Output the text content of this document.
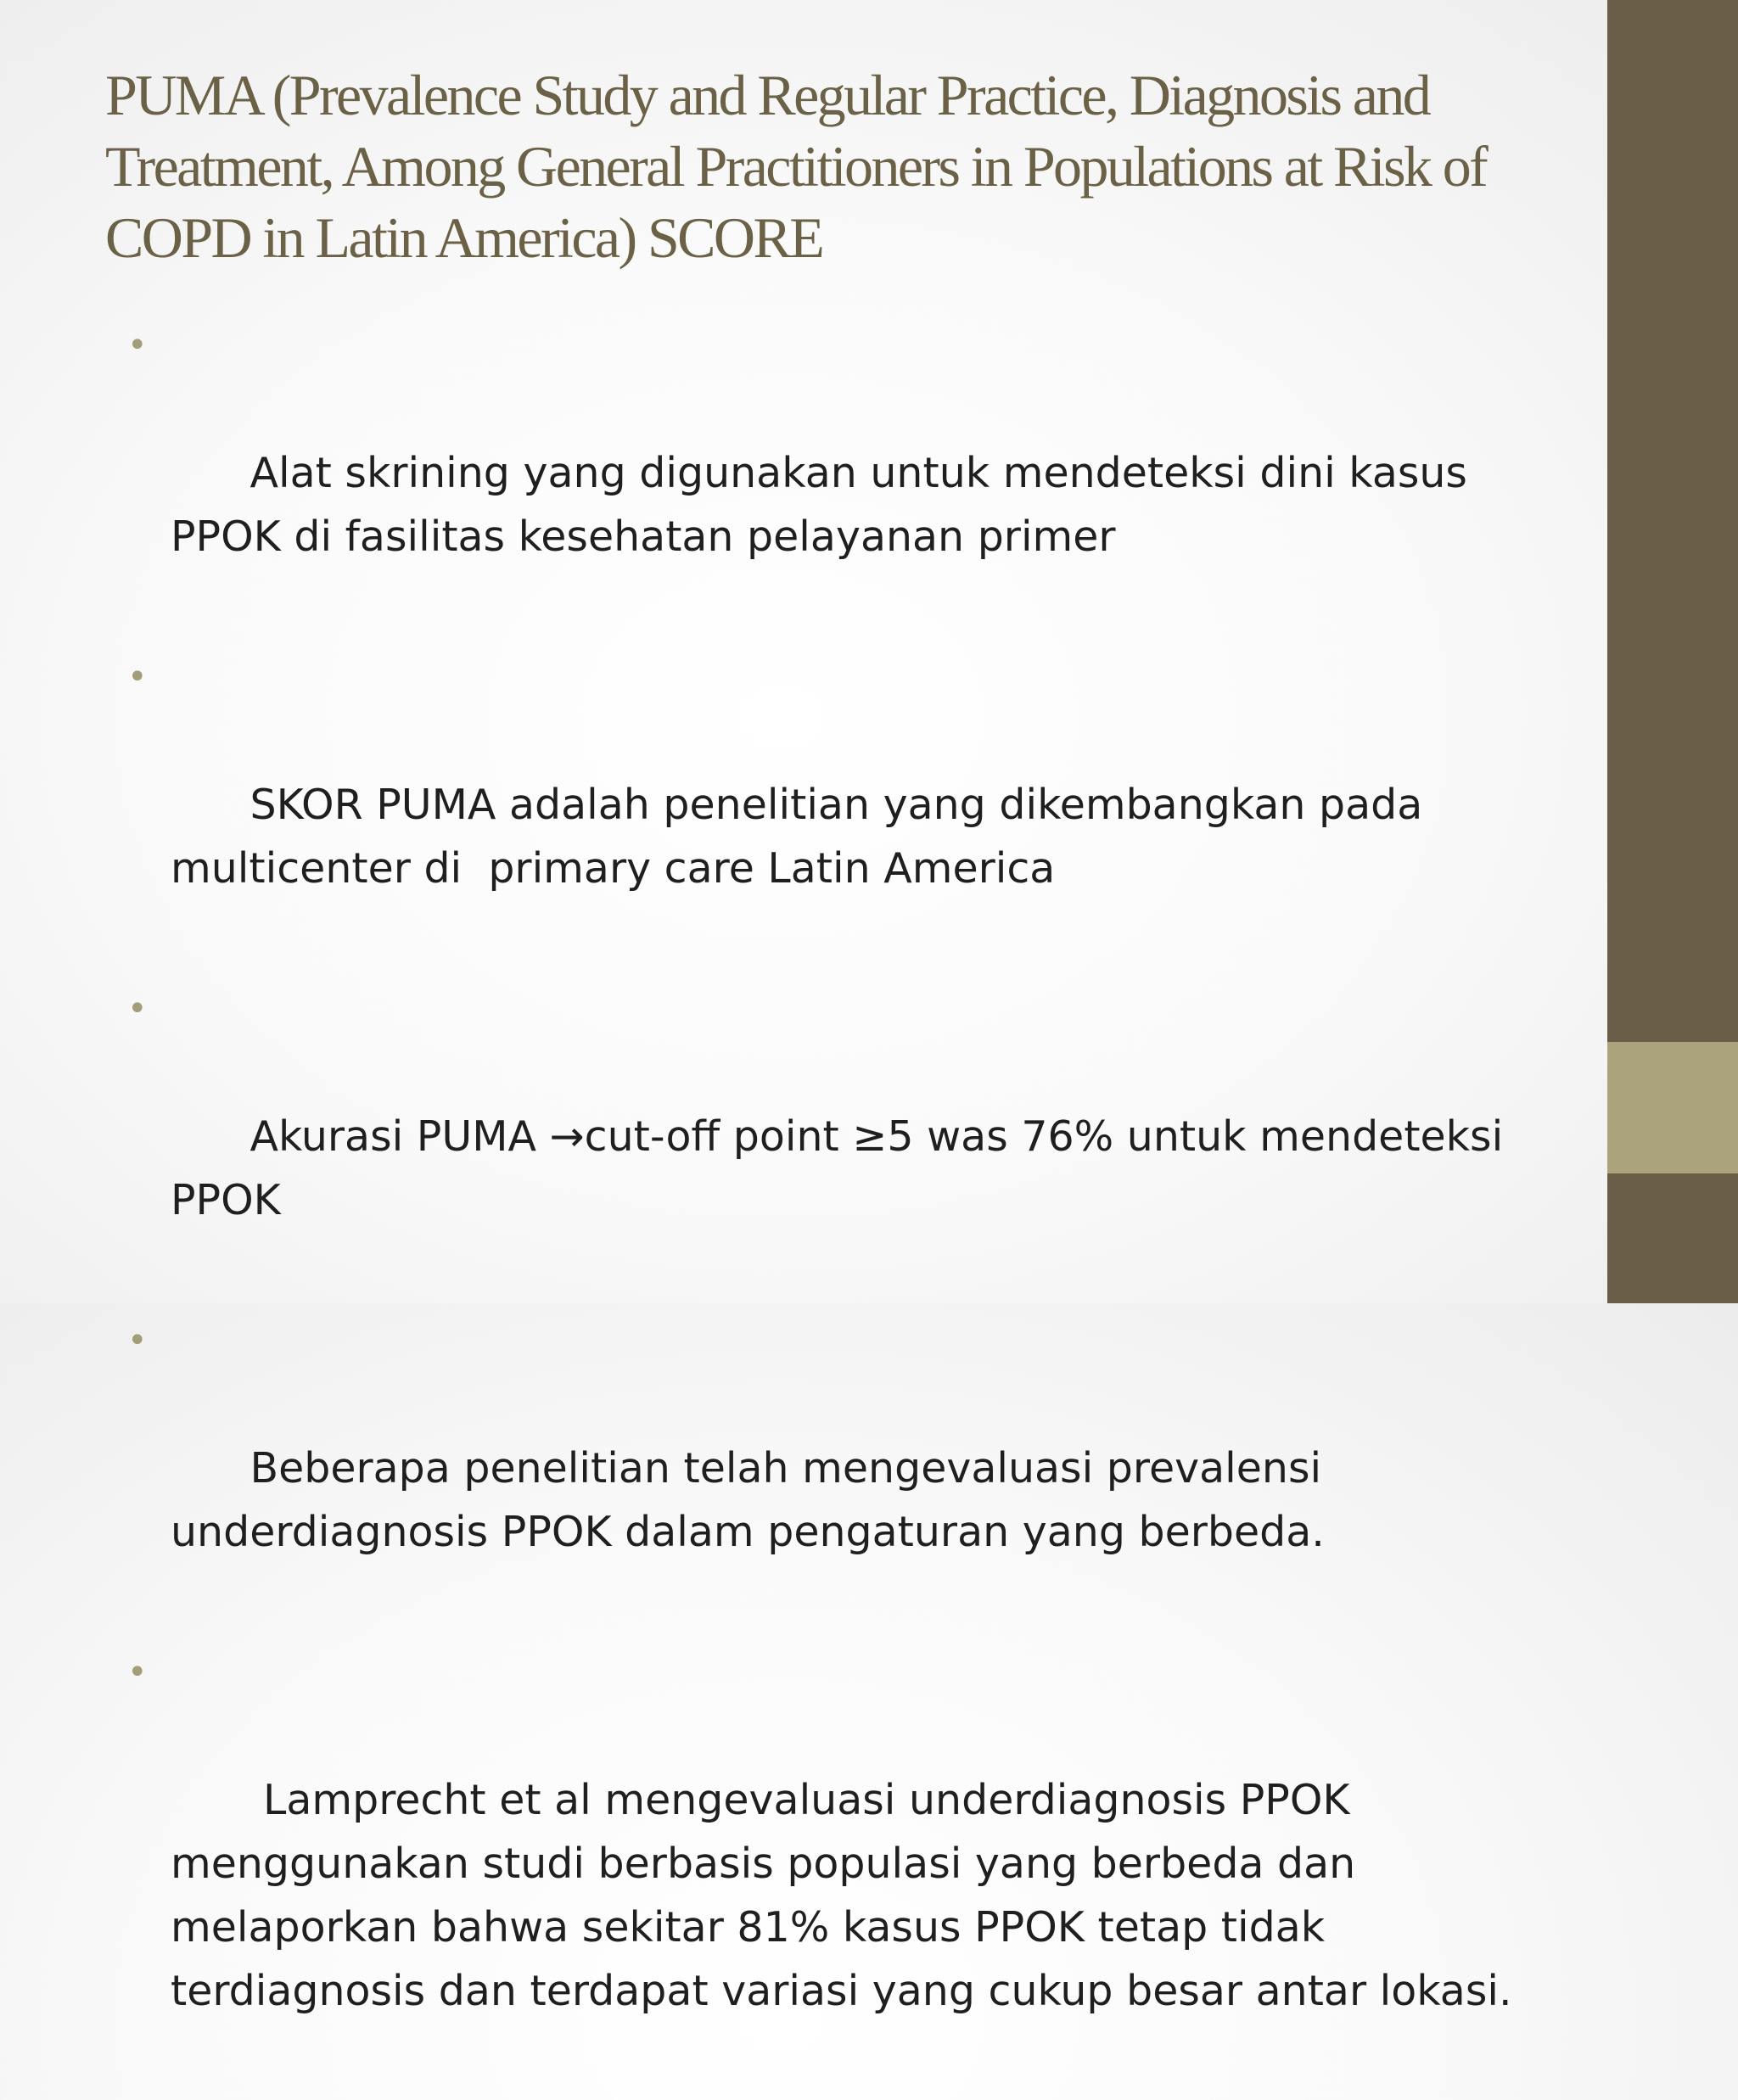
PUMA (Prevalence Study and Regular Practice, Diagnosis and Treatment, Among General Practitioners in Populations at Risk of COPD in Latin America) SCORE

•

Alat skrining yang digunakan untuk mendeteksi dini kasus PPOK di fasilitas kesehatan pelayanan primer

•

SKOR PUMA adalah penelitian yang dikembangkan pada multicenter di  primary care Latin America

•

Akurasi PUMA →cut-off point ≥5 was 76% untuk mendeteksi PPOK

•

Beberapa penelitian telah mengevaluasi prevalensi underdiagnosis PPOK dalam pengaturan yang berbeda.

•

Lamprecht et al mengevaluasi underdiagnosis PPOK menggunakan studi berbasis populasi yang berbeda dan melaporkan bahwa sekitar 81% kasus PPOK tetap tidak terdiagnosis dan terdapat variasi yang cukup besar antar lokasi.
